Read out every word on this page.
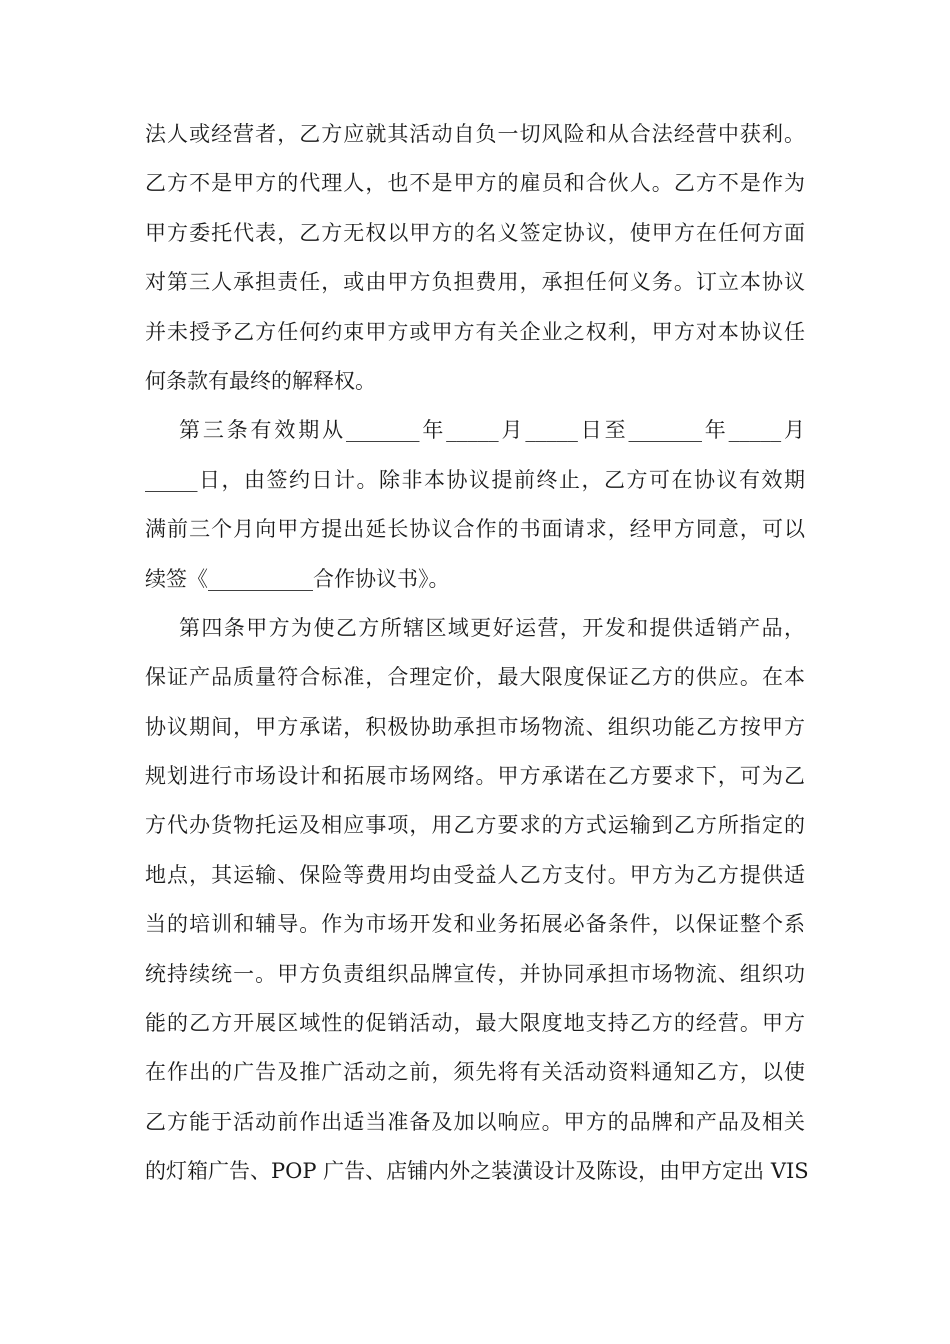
法人或经营者，乙方应就其活动自负一切风险和从合法经营中获利。
乙方不是甲方的代理人，也不是甲方的雇员和合伙人。乙方不是作为
甲方委托代表，乙方无权以甲方的名义签定协议，使甲方在任何方面
对第三人承担责任，或由甲方负担费用，承担任何义务。订立本协议
并未授予乙方任何约束甲方或甲方有关企业之权利，甲方对本协议任
何条款有最终的解释权。
第三条有效期从_______年_____月_____日至_______年_____月
_____日，由签约日计。除非本协议提前终止，乙方可在协议有效期
满前三个月向甲方提出延长协议合作的书面请求，经甲方同意，可以
续签《__________合作协议书》。
第四条甲方为使乙方所辖区域更好运营，开发和提供适销产品，
保证产品质量符合标准，合理定价，最大限度保证乙方的供应。在本
协议期间，甲方承诺，积极协助承担市场物流、组织功能乙方按甲方
规划进行市场设计和拓展市场网络。甲方承诺在乙方要求下，可为乙
方代办货物托运及相应事项，用乙方要求的方式运输到乙方所指定的
地点，其运输、保险等费用均由受益人乙方支付。甲方为乙方提供适
当的培训和辅导。作为市场开发和业务拓展必备条件，以保证整个系
统持续统一。甲方负责组织品牌宣传，并协同承担市场物流、组织功
能的乙方开展区域性的促销活动，最大限度地支持乙方的经营。甲方
在作出的广告及推广活动之前，须先将有关活动资料通知乙方，以使
乙方能于活动前作出适当准备及加以响应。甲方的品牌和产品及相关
的灯箱广告、POP 广告、店铺内外之装潢设计及陈设，由甲方定出 VIS
